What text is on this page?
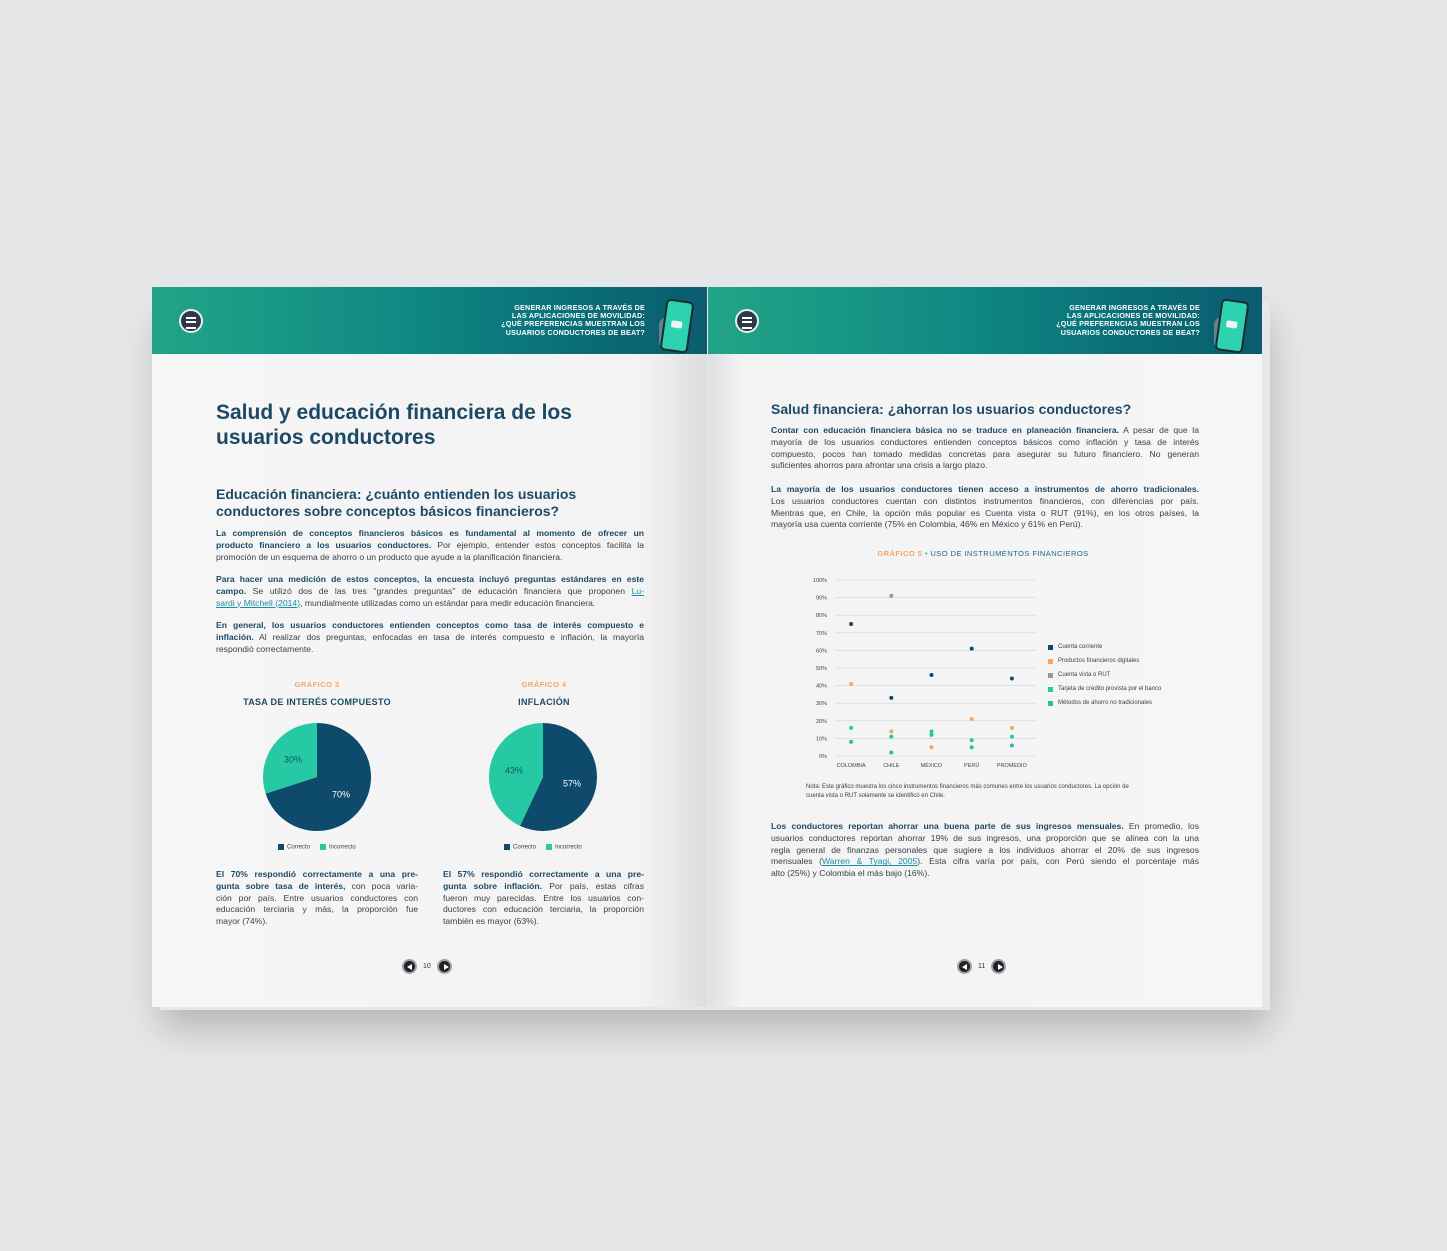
GENERAR INGRESOS A TRAVÉS DE
LAS APLICACIONES DE MOVILIDAD:
¿QUÉ PREFERENCIAS MUESTRAN LOS
USUARIOS CONDUCTORES DE BEAT?
Salud y educación financiera de los
usuarios conductores
Educación financiera: ¿cuánto entienden los usuarios
conductores sobre conceptos básicos financieros?
La comprensión de conceptos financieros básicos es fundamental al momento de ofrecer un
producto financiero a los usuarios conductores. Por ejemplo, entender estos conceptos facilita la
promoción de un esquema de ahorro o un producto que ayude a la planificación financiera.
Para hacer una medición de estos conceptos, la encuesta incluyó preguntas estándares en este
campo. Se utilizó dos de las tres "grandes preguntas" de educación financiera que proponen Lu-
sardi y Mitchell (2014), mundialmente utilizadas como un estándar para medir educación financiera.
En general, los usuarios conductores entienden conceptos como tasa de interés compuesto e
inflación. Al realizar dos preguntas, enfocadas en tasa de interés compuesto e inflación, la mayoría
respondió correctamente.
GRÁFICO 3
TASA DE INTERÉS COMPUESTO
70%
30%
Correcto	Incorrecto
GRÁFICO 4
INFLACIÓN
57%
43%
Correcto	Incorrecto
El 70% respondió correctamente a una pre-
gunta sobre tasa de interés, con poca varia-
ción por país. Entre usuarios conductores con
educación terciaria y más, la proporción fue
mayor (74%).
El 57% respondió correctamente a una pre-
gunta sobre inflación. Por país, estas cifras
fueron muy parecidas. Entre los usuarios con-
ductores con educación terciaria, la proporción
también es mayor (63%).
10
GENERAR INGRESOS A TRAVÉS DE
LAS APLICACIONES DE MOVILIDAD:
¿QUÉ PREFERENCIAS MUESTRAN LOS
USUARIOS CONDUCTORES DE BEAT?
Salud financiera: ¿ahorran los usuarios conductores?
Contar con educación financiera básica no se traduce en planeación financiera. A pesar de que la
mayoría de los usuarios conductores entienden conceptos básicos como inflación y tasa de interés
compuesto, pocos han tomado medidas concretas para asegurar su futuro financiero. No generan
suficientes ahorros para afrontar una crisis a largo plazo.
La mayoría de los usuarios conductores tienen acceso a instrumentos de ahorro tradicionales.
Los usuarios conductores cuentan con distintos instrumentos financieros, con diferencias por país.
Mientras que, en Chile, la opción más popular es Cuenta vista o RUT (91%), en los otros países, la
mayoría usa cuenta corriente (75% en Colombia, 46% en México y 61% en Perú).
GRÁFICO 5 • USO DE INSTRUMENTOS FINANCIEROS
0%
10%
20%
30%
40%
50%
60%
70%
80%
90%
100%
COLOMBIA	CHILE	MÉXICO	PERÚ	PROMEDIO
Cuenta corriente
Productos financieros digitales
Cuenta vista o RUT
Tarjeta de crédito provista por el banco
Métodos de ahorro no tradicionales
Nota: Este gráfico muestra los cinco instrumentos financieros más comunes entre los usuarios conductores. La opción de
cuenta vista o RUT solamente se identificó en Chile.
Los conductores reportan ahorrar una buena parte de sus ingresos mensuales. En promedio, los
usuarios conductores reportan ahorrar 19% de sus ingresos, una proporción que se alinea con la una
regla general de finanzas personales que sugiere a los individuos ahorrar el 20% de sus ingresos
mensuales (Warren & Tyagi, 2005). Esta cifra varía por país, con Perú siendo el porcentaje más
alto (25%) y Colombia el más bajo (16%).
11
